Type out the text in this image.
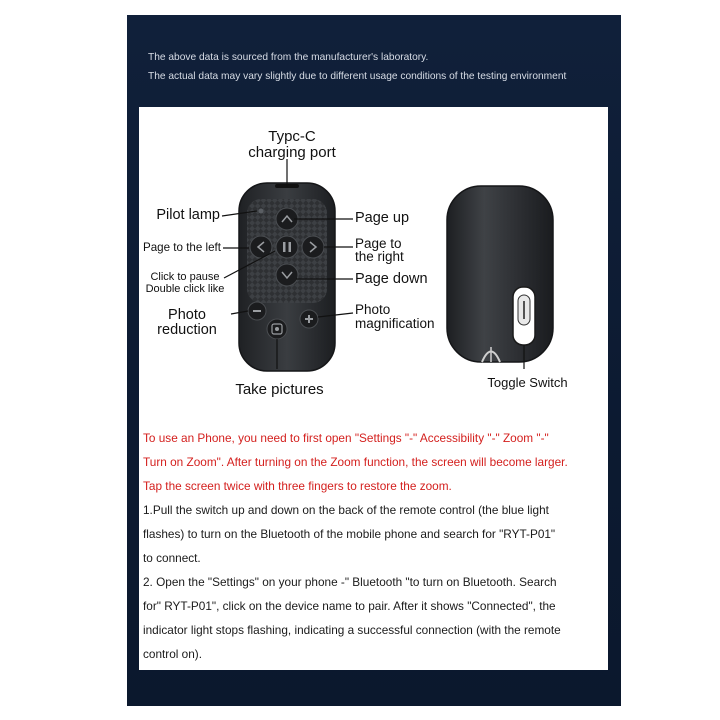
The above data is sourced from the manufacturer's laboratory.
The actual data may vary slightly due to different usage conditions of the testing environment
Typc-C
charging port
Pilot lamp
Page to the left
Click to pause
Double click like
Photo
reduction
Take pictures
Page up
Page to
the right
Page down
Photo
magnification
Toggle Switch
To use an Phone, you need to first open "Settings "-" Accessibility "-" Zoom "-"
Turn on Zoom". After turning on the Zoom function, the screen will become larger.
Tap the screen twice with three fingers to restore the zoom.
1.Pull the switch up and down on the back of the remote control (the blue light
flashes) to turn on the Bluetooth of the mobile phone and search for "RYT-P01"
to connect.
2. Open the "Settings" on your phone -" Bluetooth "to turn on Bluetooth. Search
for" RYT-P01", click on the device name to pair. After it shows "Connected", the
indicator light stops flashing, indicating a successful connection (with the remote
control on).
